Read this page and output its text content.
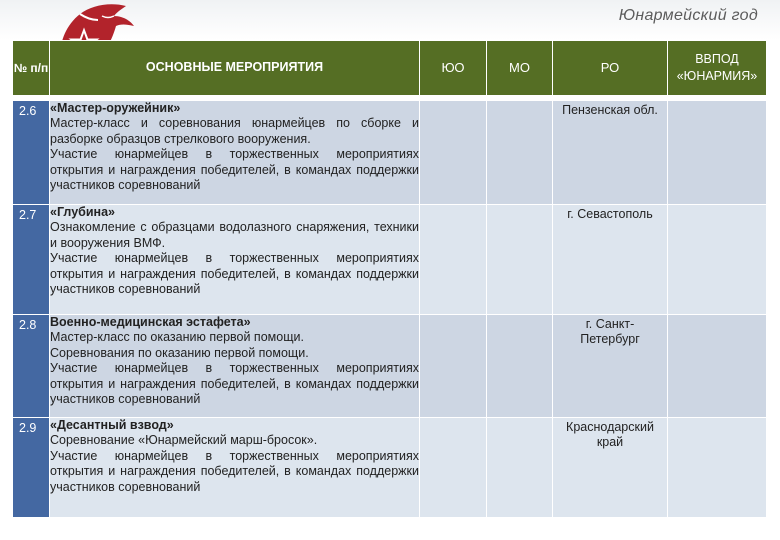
Юнармейский год
№ п/п	ОСНОВНЫЕ МЕРОПРИЯТИЯ	ЮО	МО	РО	ВВПОД «ЮНАРМИЯ»

2.6	«Мастер-оружейник»
Мастер-класс и соревнования юнармейцев по сборке и разборке образцов стрелкового вооружения.
Участие юнармейцев в торжественных мероприятиях открытия и награждения победителей, в командах поддержки участников соревнований			Пензенская обл.	
2.7	«Глубина»
Ознакомление с образцами водолазного снаряжения, техники и вооружения ВМФ.
Участие юнармейцев в торжественных мероприятиях открытия и награждения победителей, в командах поддержки участников соревнований			г. Севастополь	
2.8	Военно-медицинская эстафета»
Мастер-класс по оказанию первой помощи.
Соревнования по оказанию первой помощи.
Участие юнармейцев в торжественных мероприятиях открытия и награждения победителей, в командах поддержки участников соревнований			г. Санкт-Петербург	
2.9	«Десантный взвод»
Соревнование «Юнармейский марш-бросок».
Участие юнармейцев в торжественных мероприятиях открытия и награждения победителей, в командах поддержки участников соревнований			Краснодарский край	
